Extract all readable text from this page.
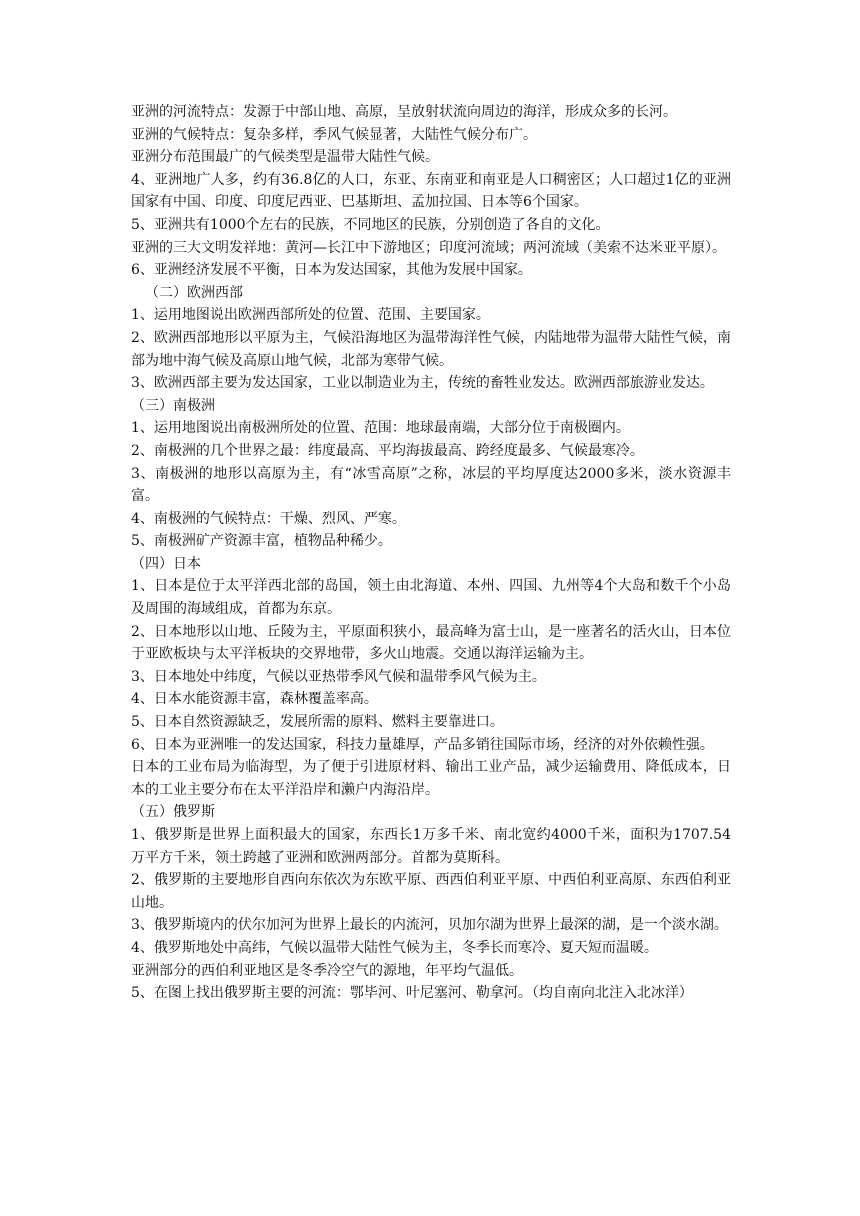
亚洲的河流特点：发源于中部山地、高原，呈放射状流向周边的海洋，形成众多的长河。

亚洲的气候特点：复杂多样，季风气候显著，大陆性气候分布广。

亚洲分布范围最广的气候类型是温带大陆性气候。

4、亚洲地广人多，约有36.8亿的人口，东亚、东南亚和南亚是人口稠密区；人口超过1亿的亚洲国家有中国、印度、印度尼西亚、巴基斯坦、孟加拉国、日本等6个国家。

5、亚洲共有1000个左右的民族，不同地区的民族，分别创造了各自的文化。

亚洲的三大文明发祥地：黄河—长江中下游地区；印度河流域；两河流域（美索不达米亚平原）。

6、亚洲经济发展不平衡，日本为发达国家，其他为发展中国家。

（二）欧洲西部

1、运用地图说出欧洲西部所处的位置、范围、主要国家。

2、欧洲西部地形以平原为主，气候沿海地区为温带海洋性气候，内陆地带为温带大陆性气候，南部为地中海气候及高原山地气候，北部为寒带气候。

3、欧洲西部主要为发达国家，工业以制造业为主，传统的畜牲业发达。欧洲西部旅游业发达。

（三）南极洲

1、运用地图说出南极洲所处的位置、范围：地球最南端，大部分位于南极圈内。

2、南极洲的几个世界之最：纬度最高、平均海拔最高、跨经度最多、气候最寒冷。

3、南极洲的地形以高原为主，有“冰雪高原”之称，冰层的平均厚度达2000多米，淡水资源丰富。

4、南极洲的气候特点：干燥、烈风、严寒。

5、南极洲矿产资源丰富，植物品种稀少。

（四）日本

1、日本是位于太平洋西北部的岛国，领土由北海道、本州、四国、九州等4个大岛和数千个小岛及周围的海域组成，首都为东京。

2、日本地形以山地、丘陵为主，平原面积狭小，最高峰为富士山，是一座著名的活火山，日本位于亚欧板块与太平洋板块的交界地带，多火山地震。交通以海洋运输为主。

3、日本地处中纬度，气候以亚热带季风气候和温带季风气候为主。

4、日本水能资源丰富，森林覆盖率高。

5、日本自然资源缺乏，发展所需的原料、燃料主要靠进口。

6、日本为亚洲唯一的发达国家，科技力量雄厚，产品多销往国际市场，经济的对外依赖性强。

日本的工业布局为临海型，为了便于引进原材料、输出工业产品，减少运输费用、降低成本，日本的工业主要分布在太平洋沿岸和濑户内海沿岸。

（五）俄罗斯

1、俄罗斯是世界上面积最大的国家，东西长1万多千米、南北宽约4000千米，面积为1707.54万平方千米，领土跨越了亚洲和欧洲两部分。首都为莫斯科。

2、俄罗斯的主要地形自西向东依次为东欧平原、西西伯利亚平原、中西伯利亚高原、东西伯利亚山地。

3、俄罗斯境内的伏尔加河为世界上最长的内流河，贝加尔湖为世界上最深的湖，是一个淡水湖。

4、俄罗斯地处中高纬，气候以温带大陆性气候为主，冬季长而寒冷、夏天短而温暖。

亚洲部分的西伯利亚地区是冬季冷空气的源地，年平均气温低。

5、在图上找出俄罗斯主要的河流：鄂毕河、叶尼塞河、勒拿河。（均自南向北注入北冰洋）
